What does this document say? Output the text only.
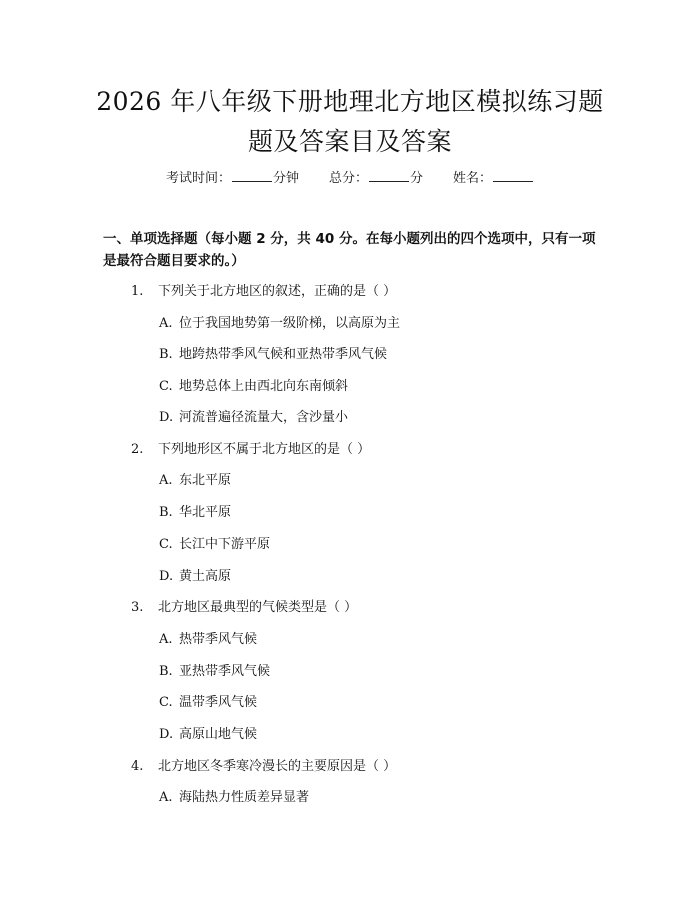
2026 年八年级下册地理北方地区模拟练习题
题及答案目及答案
考试时间：	分钟 总分：	分 姓名：
一、单项选择题（每小题 2 分，共 40 分。在每小题列出的四个选项中，只有一项
是最符合题目要求的。）
1. 下列关于北方地区的叙述，正确的是（ ）
A. 位于我国地势第一级阶梯，以高原为主
B. 地跨热带季风气候和亚热带季风气候
C. 地势总体上由西北向东南倾斜
D. 河流普遍径流量大，含沙量小
2. 下列地形区不属于北方地区的是（ ）
A. 东北平原
B. 华北平原
C. 长江中下游平原
D. 黄土高原
3. 北方地区最典型的气候类型是（ ）
A. 热带季风气候
B. 亚热带季风气候
C. 温带季风气候
D. 高原山地气候
4. 北方地区冬季寒冷漫长的主要原因是（ ）
A. 海陆热力性质差异显著
